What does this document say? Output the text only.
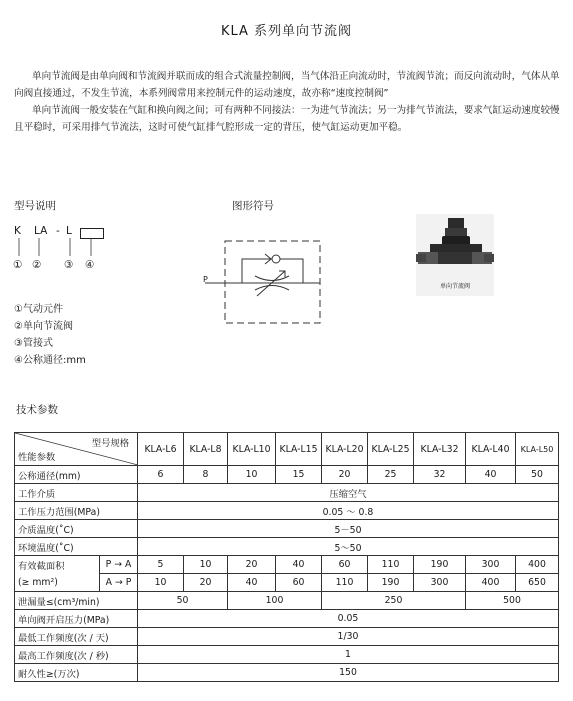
KLA 系列单向节流阀
单向节流阀是由单向阀和节流阀并联而成的组合式流量控制阀，当气体沿正向流动时，节流阀节流；而反向流动时，气体从单向阀直接通过，不发生节流，本系列阀常用来控制元件的运动速度，故亦称“速度控制阀”
单向节流阀一般安装在气缸和换向阀之间；可有两种不同接法：一为进气节流法；另一为排气节流法，要求气缸运动速度较慢且平稳时，可采用排气节流法，这时可使气缸排气腔形成一定的背压，使气缸运动更加平稳。
型号说明
K LA - L
① ② ③ ④
①气动元件
②单向节流阀
③管接式
④公称通径:mm
图形符号
P
单向节流阀
技术参数
型号规格
性能参数		KLA-L6	KLA-L8	KLA-L10	KLA-L15	KLA-L20	KLA-L25	KLA-L32	KLA-L40	KLA-L50
公称通径(mm)		6	8	10	15	20	25	32	40	50
工作介质		压缩空气								
工作压力范围(MPa)		0.05 ～ 0.8								
介质温度(˚C)		5－50								
环境温度(˚C)		5～50								
有效截面积	P → A	5	10	20	40	60	110	190	300	400
(≥ mm²)	A → P	10	20	40	60	110	190	300	400	650
泄漏量≤(cm³/min)		50		100		250			500	
单向阀开启压力(MPa)		0.05								
最低工作频度(次 / 天)		1/30								
最高工作频度(次 / 秒)		1								
耐久性≥(万次)		150								
